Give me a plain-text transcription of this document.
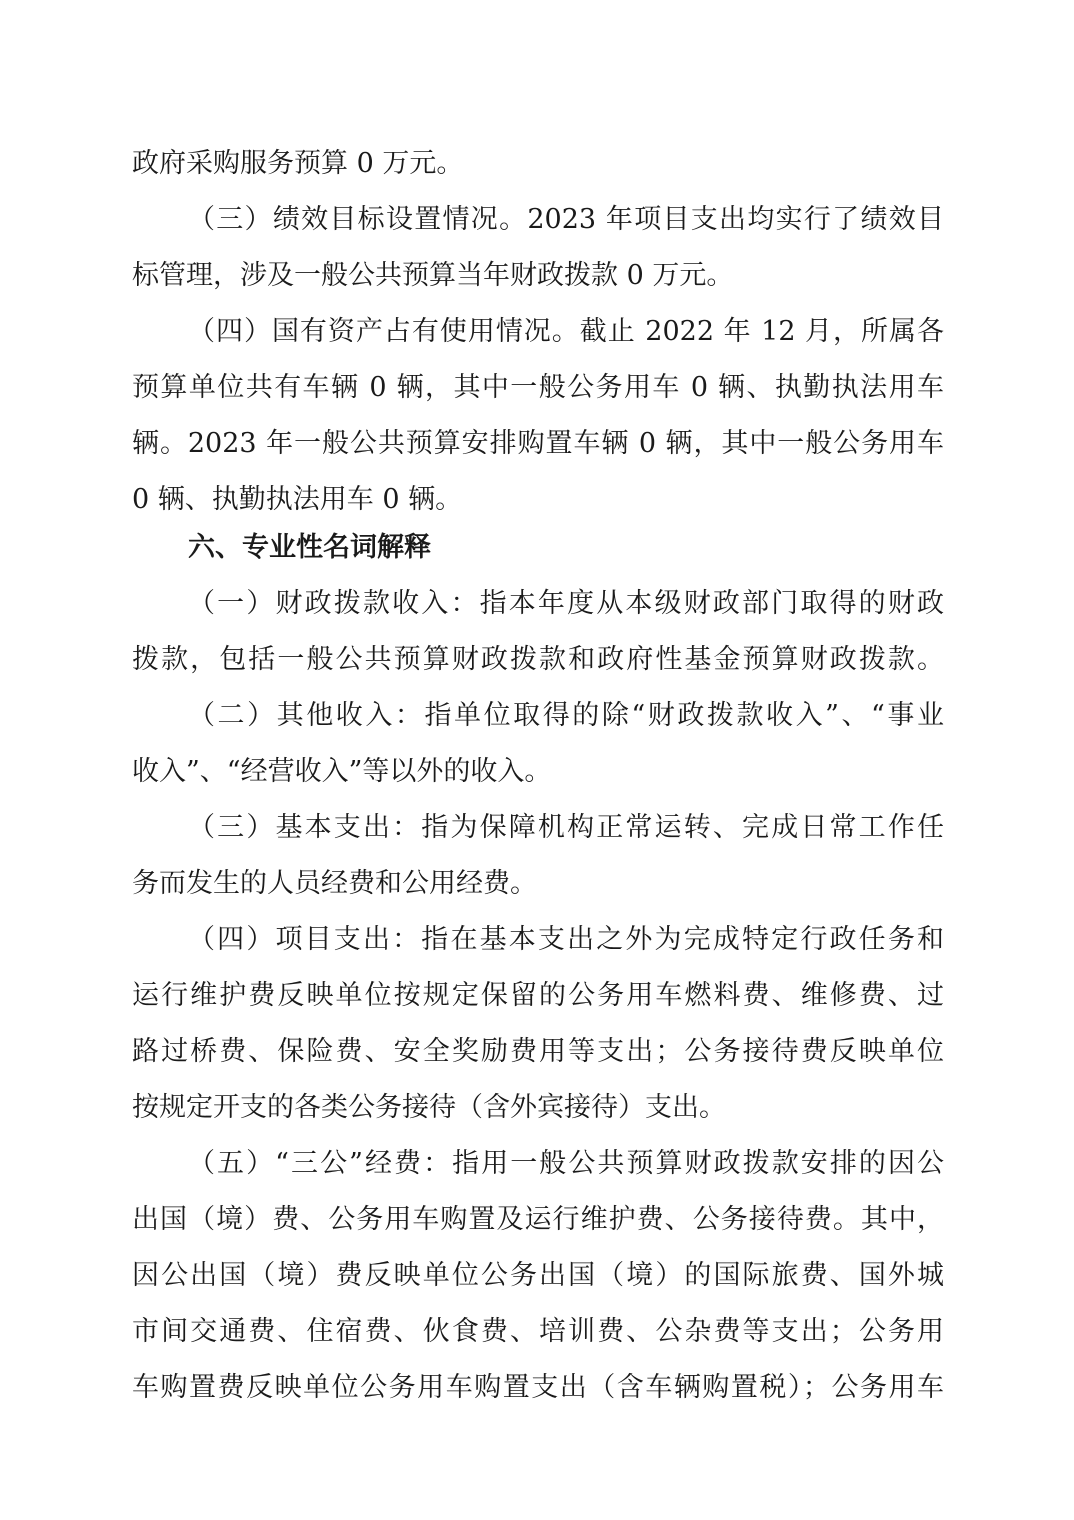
政府采购服务预算 0 万元。
（三）绩效目标设置情况。2023 年项目支出均实行了绩效目
标管理，涉及一般公共预算当年财政拨款 0 万元。
（四）国有资产占有使用情况。截止 2022 年 12 月，所属各
预算单位共有车辆 0 辆，其中一般公务用车 0 辆、执勤执法用车
辆。2023 年一般公共预算安排购置车辆 0 辆，其中一般公务用车
0 辆、执勤执法用车 0 辆。
六、专业性名词解释
（一）财政拨款收入：指本年度从本级财政部门取得的财政
拨款，包括一般公共预算财政拨款和政府性基金预算财政拨款。
（二）其他收入：指单位取得的除“财政拨款收入”、“事业
收入”、“经营收入”等以外的收入。
（三）基本支出：指为保障机构正常运转、完成日常工作任
务而发生的人员经费和公用经费。
（四）项目支出：指在基本支出之外为完成特定行政任务和
运行维护费反映单位按规定保留的公务用车燃料费、维修费、过
路过桥费、保险费、安全奖励费用等支出；公务接待费反映单位
按规定开支的各类公务接待（含外宾接待）支出。
（五）“三公”经费：指用一般公共预算财政拨款安排的因公
出国（境）费、公务用车购置及运行维护费、公务接待费。其中，
因公出国（境）费反映单位公务出国（境）的国际旅费、国外城
市间交通费、住宿费、伙食费、培训费、公杂费等支出；公务用
车购置费反映单位公务用车购置支出（含车辆购置税）；公务用车
